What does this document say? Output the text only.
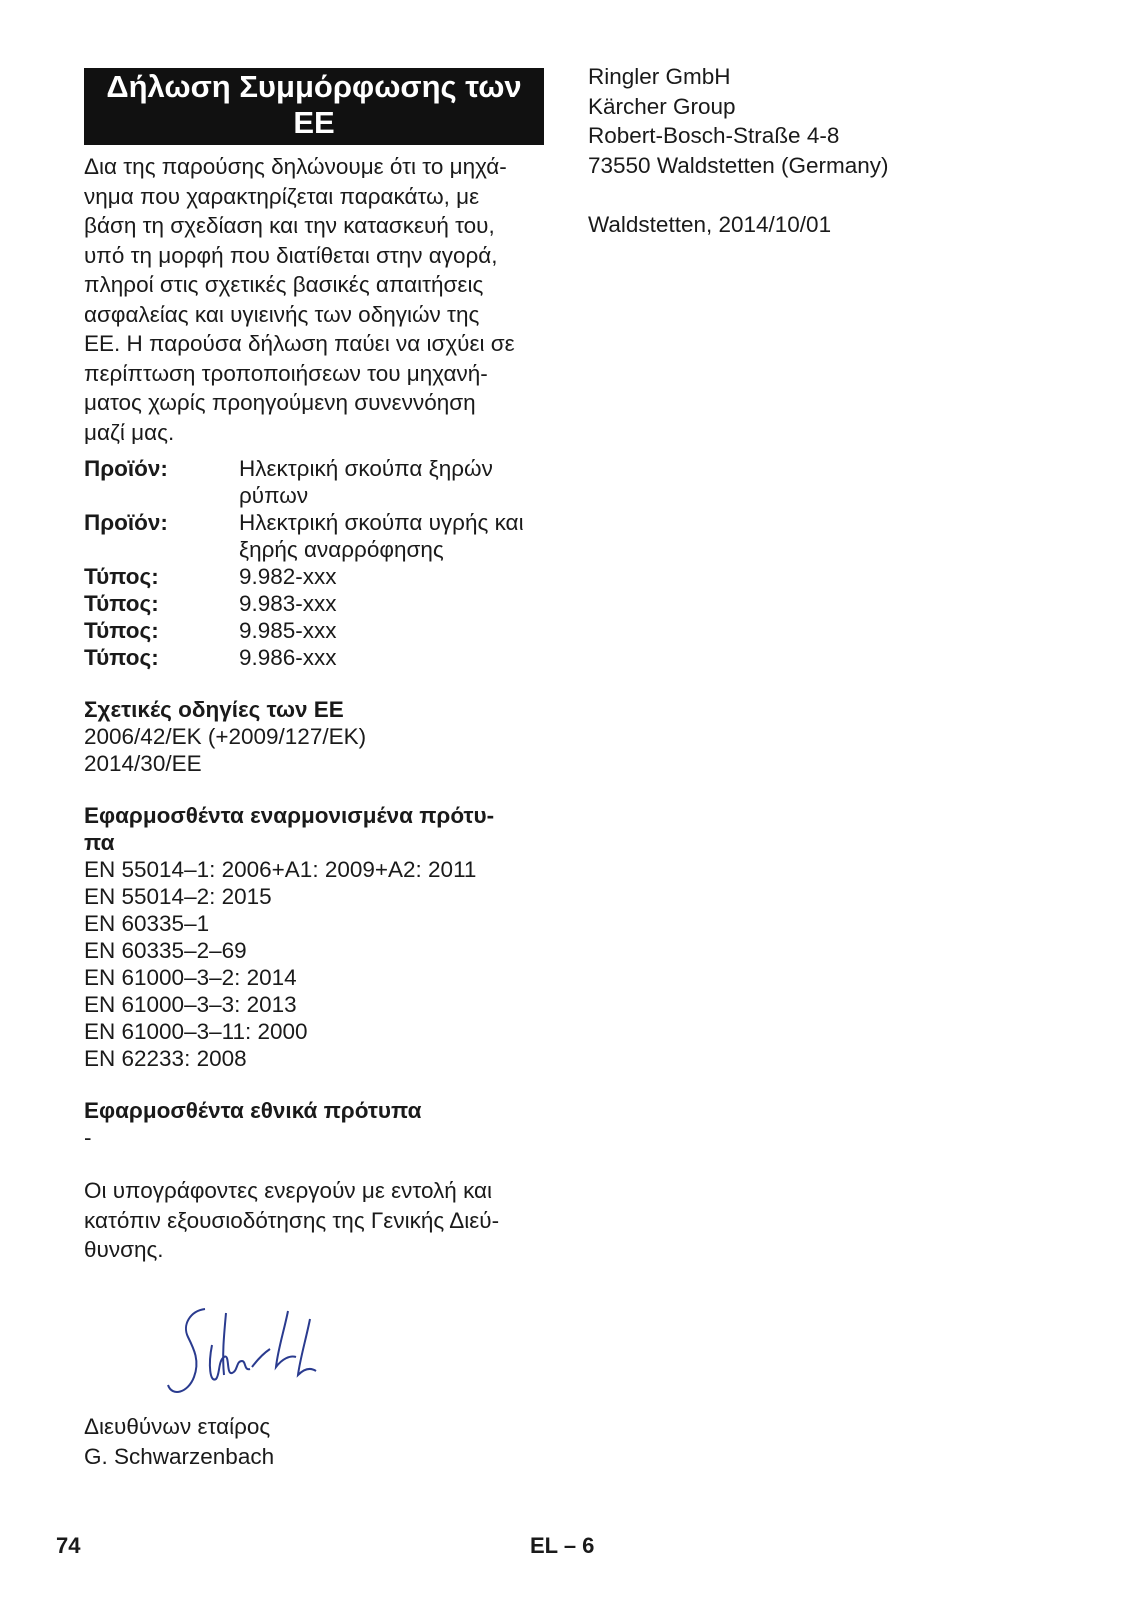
Δήλωση Συμμόρφωσης των
ΕΕ
Δια της παρούσης δηλώνουμε ότι το μηχά-
νημα που χαρακτηρίζεται παρακάτω, με
βάση τη σχεδίαση και την κατασκευή του,
υπό τη μορφή που διατίθεται στην αγορά,
πληροί στις σχετικές βασικές απαιτήσεις
ασφαλείας και υγιεινής των οδηγιών της
ΕΕ. Η παρούσα δήλωση παύει να ισχύει σε
περίπτωση τροποποιήσεων του μηχανή-
ματος χωρίς προηγούμενη συνεννόηση
μαζί μας.
Προϊόν:	Ηλεκτρική σκούπα ξηρών
ρύπων
Προϊόν:	Ηλεκτρική σκούπα υγρής και
ξηρής αναρρόφησης
Τύπος:	9.982-xxx
Τύπος:	9.983-xxx
Τύπος:	9.985-xxx
Τύπος:	9.986-xxx
Σχετικές οδηγίες των ΕΕ
2006/42/EK (+2009/127/EK)
2014/30/EE
Εφαρμοσθέντα εναρμονισμένα πρότυ-
πα
EN 55014–1: 2006+A1: 2009+A2: 2011
EN 55014–2: 2015
EN 60335–1
EN 60335–2–69
EN 61000–3–2: 2014
EN 61000–3–3: 2013
EN 61000–3–11: 2000
EN 62233: 2008
Εφαρμοσθέντα εθνικά πρότυπα
-
Οι υπογράφοντες ενεργούν με εντολή και
κατόπιν εξουσιοδότησης της Γενικής Διεύ-
θυνσης.
Διευθύνων εταίρος
G. Schwarzenbach
Ringler GmbH
Kärcher Group
Robert-Bosch-Straße 4-8
73550 Waldstetten (Germany)
Waldstetten, 2014/10/01
74	EL – 6
